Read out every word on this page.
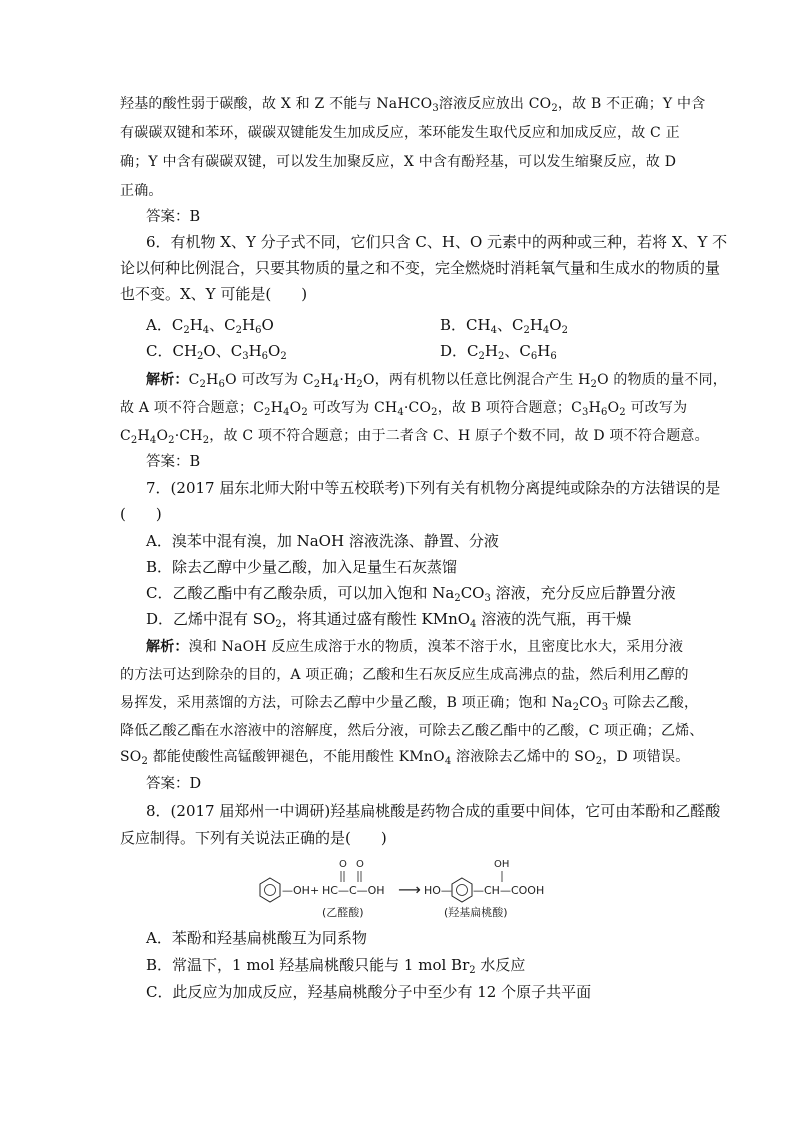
羟基的酸性弱于碳酸，故 X 和 Z 不能与 NaHCO$_3$溶液反应放出 $CO_2$，故 B 不正确；Y 中含
有碳碳双键和苯环，碳碳双键能发生加成反应，苯环能发生取代反应和加成反应，故 C 正
确；Y 中含有碳碳双键，可以发生加聚反应，X 中含有酚羟基，可以发生缩聚反应，故 D
正确。
答案：B
6．有机物 X、Y 分子式不同，它们只含 C、H、O 元素中的两种或三种，若将 X、Y 不
论以何种比例混合，只要其物质的量之和不变，完全燃烧时消耗氧气量和生成水的物质的量
也不变。X、Y 可能是(　　)
A．$C_2H_4$、$C_2H_6O$	B．$CH_4$、$C_2H_4O_2$
C．$CH_2O$、$C_3H_6O_2$	D．$C_2H_2$、$C_6H_6$
解析：$C_2H_6O$ 可改写为 $C_2H_4\cdot H_2O$，两有机物以任意比例混合产生 $H_2O$ 的物质的量不同，
故 A 项不符合题意；$C_2H_4O_2$ 可改写为 $CH_4\cdot CO_2$，故 B 项符合题意；$C_3H_6O_2$ 可改写为
$C_2H_4O_2\cdot CH_2$，故 C 项不符合题意；由于二者含 C、H 原子个数不同，故 D 项不符合题意。
答案：B
7．(2017 届东北师大附中等五校联考)下列有关有机物分离提纯或除杂的方法错误的是
(　　)
A．溴苯中混有溴，加 NaOH 溶液洗涤、静置、分液
B．除去乙醇中少量乙酸，加入足量生石灰蒸馏
C．乙酸乙酯中有乙酸杂质，可以加入饱和 $Na_2CO_3$ 溶液，充分反应后静置分液
D．乙烯中混有 $SO_2$，将其通过盛有酸性 KMnO$_4$ 溶液的洗气瓶，再干燥
解析：溴和 NaOH 反应生成溶于水的物质，溴苯不溶于水，且密度比水大，采用分液
的方法可达到除杂的目的，A 项正确；乙酸和生石灰反应生成高沸点的盐，然后利用乙醇的
易挥发，采用蒸馏的方法，可除去乙醇中少量乙酸，B 项正确；饱和 $Na_2CO_3$ 可除去乙酸，
降低乙酸乙酯在水溶液中的溶解度，然后分液，可除去乙酸乙酯中的乙酸，C 项正确；乙烯、
$SO_2$ 都能使酸性高锰酸钾褪色，不能用酸性 KMnO$_4$ 溶液除去乙烯中的 $SO_2$，D 项错误。
答案：D
8．(2017 届郑州一中调研)羟基扁桃酸是药物合成的重要中间体，它可由苯酚和乙醛酸
反应制得。下列有关说法正确的是(　　)
—OH +
O O
HC—C—OH
(乙醛酸)
⟶ HO—
OH
—CH—COOH
(羟基扁桃酸)
A．苯酚和羟基扁桃酸互为同系物
B．常温下，1 mol 羟基扁桃酸只能与 1 mol $Br_2$ 水反应
C．此反应为加成反应，羟基扁桃酸分子中至少有 12 个原子共平面
